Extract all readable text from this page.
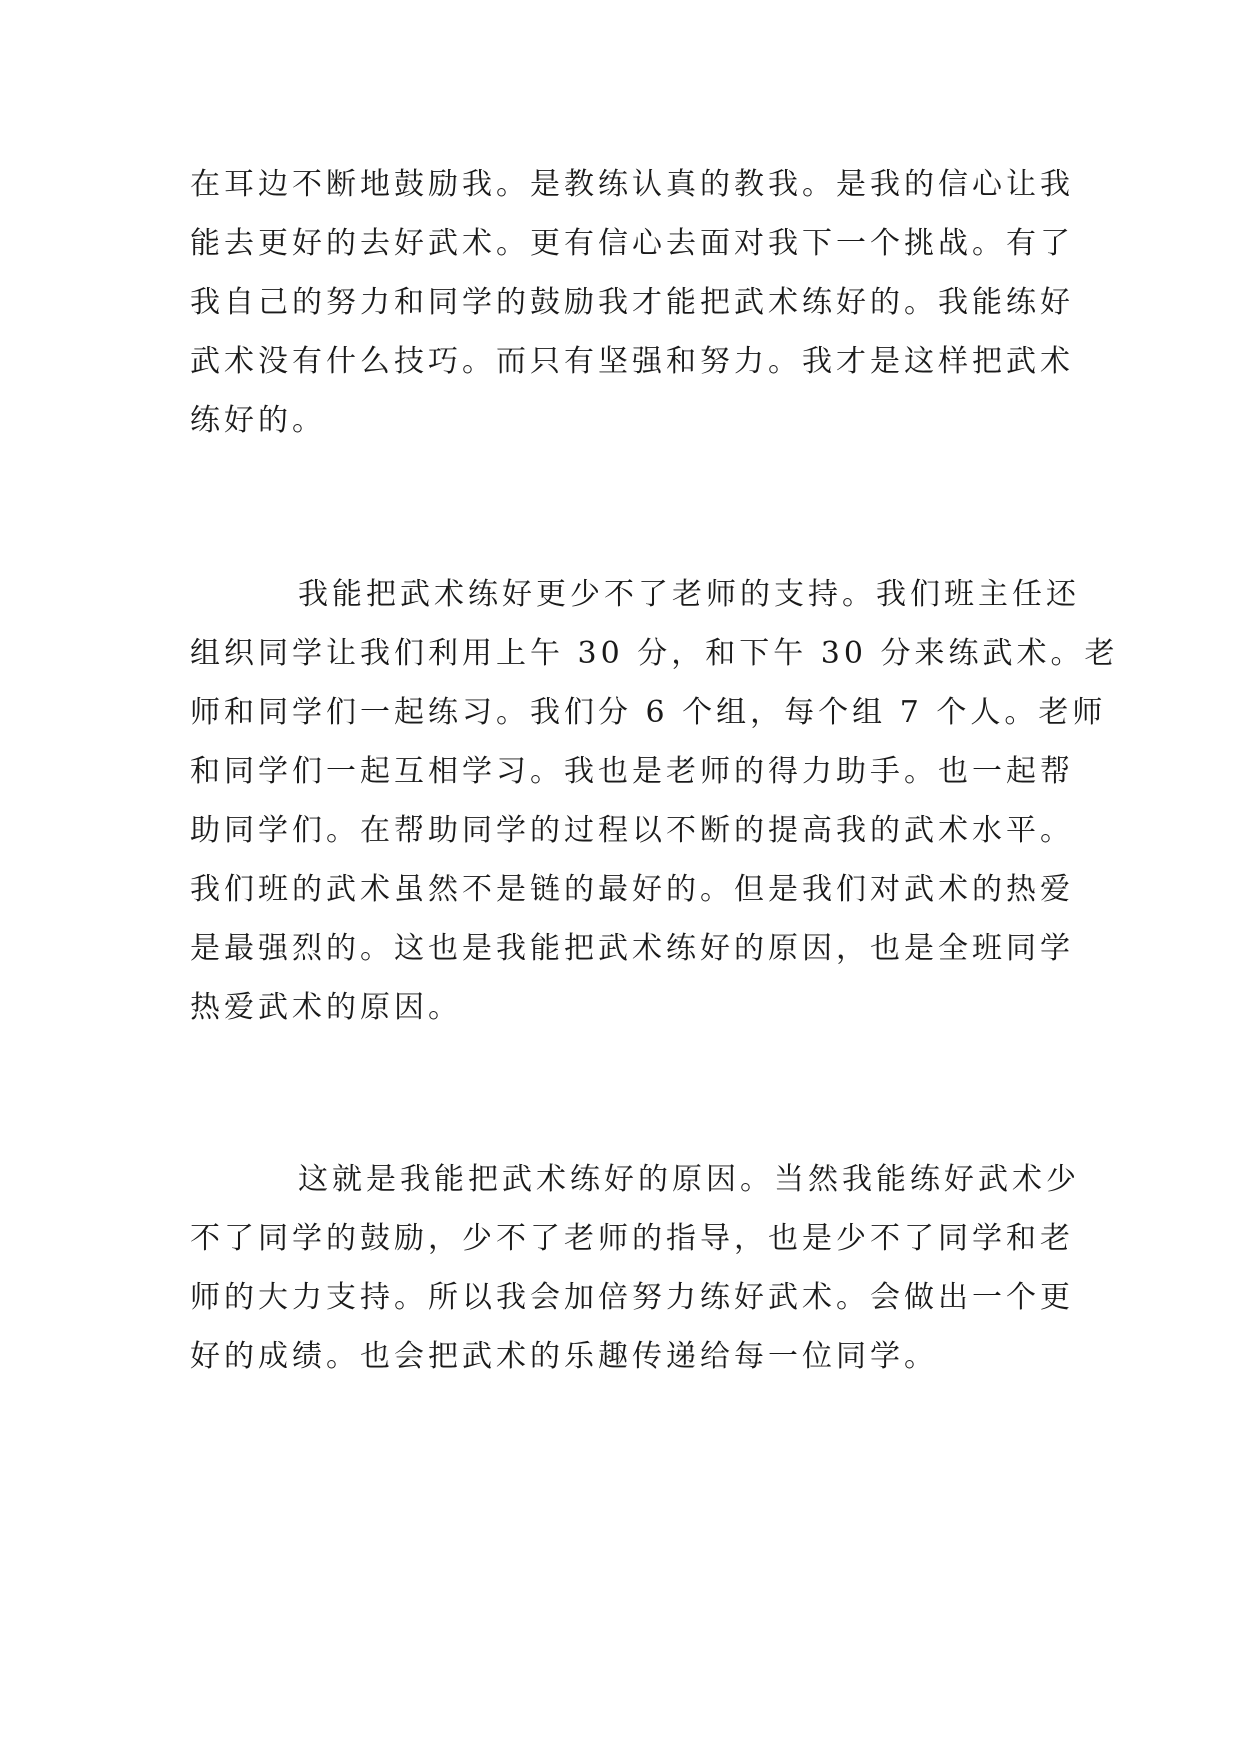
在耳边不断地鼓励我。是教练认真的教我。是我的信心让我
能去更好的去好武术。更有信心去面对我下一个挑战。有了
我自己的努力和同学的鼓励我才能把武术练好的。我能练好
武术没有什么技巧。而只有坚强和努力。我才是这样把武术
练好的。
我能把武术练好更少不了老师的支持。我们班主任还
组织同学让我们利用上午 30 分，和下午 30 分来练武术。老
师和同学们一起练习。我们分 6 个组，每个组 7 个人。老师
和同学们一起互相学习。我也是老师的得力助手。也一起帮
助同学们。在帮助同学的过程以不断的提高我的武术水平。
我们班的武术虽然不是链的最好的。但是我们对武术的热爱
是最强烈的。这也是我能把武术练好的原因，也是全班同学
热爱武术的原因。
这就是我能把武术练好的原因。当然我能练好武术少
不了同学的鼓励，少不了老师的指导，也是少不了同学和老
师的大力支持。所以我会加倍努力练好武术。会做出一个更
好的成绩。也会把武术的乐趣传递给每一位同学。
